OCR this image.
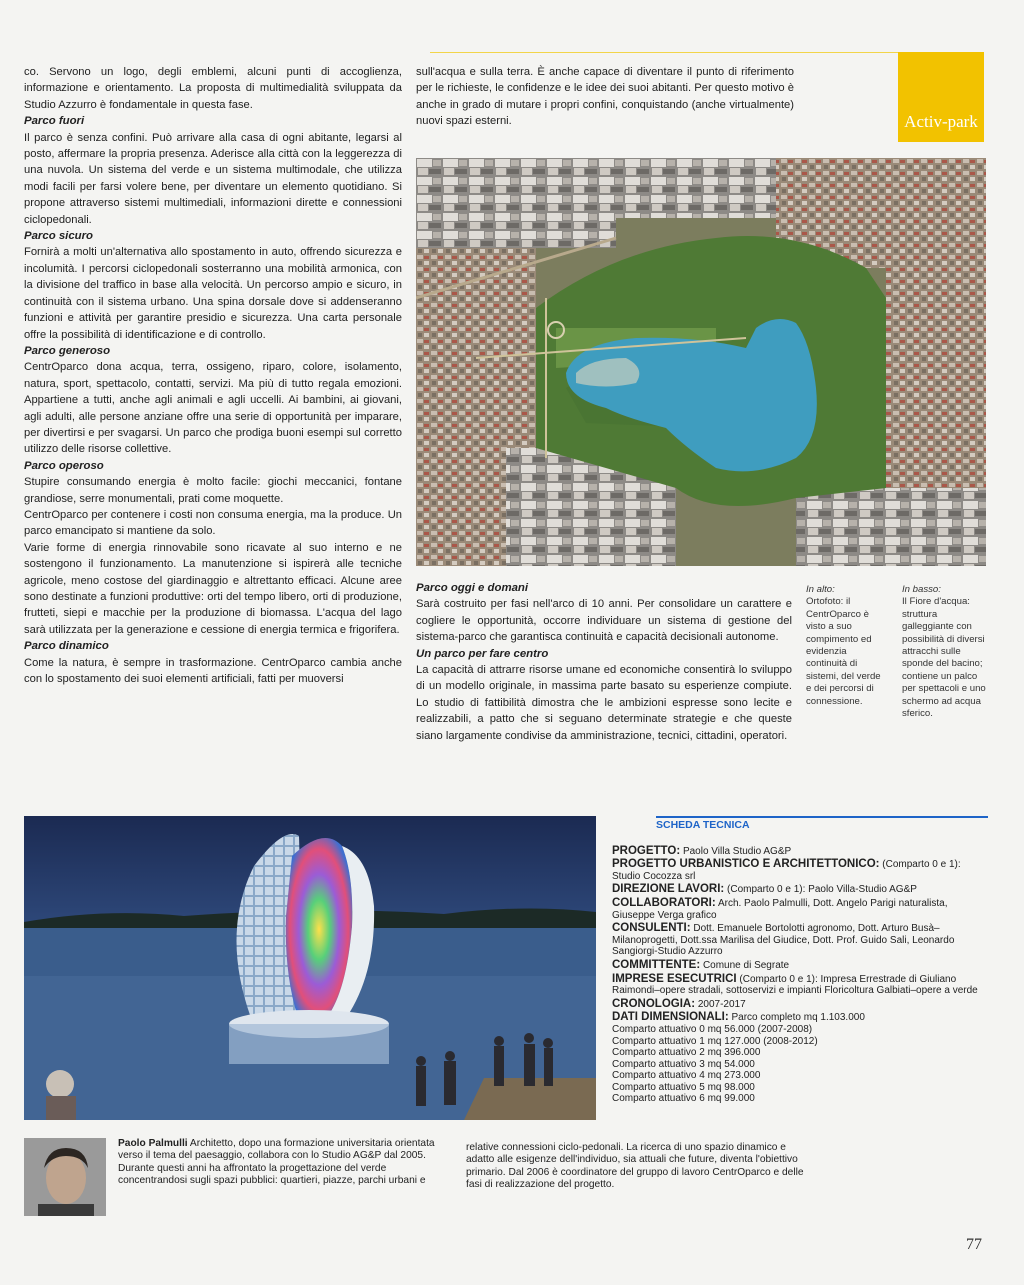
Activ-park

co. Servono un logo, degli emblemi, alcuni punti di accoglienza, informazione e orientamento. La proposta di multimedialità sviluppata da Studio Azzurro è fondamentale in questa fase.

Parco fuori

Il parco è senza confini. Può arrivare alla casa di ogni abitante, legarsi al posto, affermare la propria presenza. Aderisce alla città con la leggerezza di una nuvola. Un sistema del verde e un sistema multimodale, che utilizza modi facili per farsi volere bene, per diventare un elemento quotidiano. Si propone attraverso sistemi multimediali, informazioni dirette e connessioni ciclopedonali.

Parco sicuro

Fornirà a molti un'alternativa allo spostamento in auto, offrendo sicurezza e incolumità. I percorsi ciclopedonali sosterranno una mobilità armonica, con la divisione del traffico in base alla velocità. Un percorso ampio e sicuro, in continuità con il sistema urbano. Una spina dorsale dove si addenseranno funzioni e attività per garantire presidio e sicurezza. Una carta personale offre la possibilità di identificazione e di controllo.

Parco generoso

CentrOparco dona acqua, terra, ossigeno, riparo, colore, isolamento, natura, sport, spettacolo, contatti, servizi. Ma più di tutto regala emozioni. Appartiene a tutti, anche agli animali e agli uccelli. Ai bambini, ai giovani, agli adulti, alle persone anziane offre una serie di opportunità per imparare, per divertirsi e per svagarsi. Un parco che prodiga buoni esempi sul corretto utilizzo delle risorse collettive.

Parco operoso

Stupire consumando energia è molto facile: giochi meccanici, fontane grandiose, serre monumentali, prati come moquette.

CentrOparco per contenere i costi non consuma energia, ma la produce. Un parco emancipato si mantiene da solo.

Varie forme di energia rinnovabile sono ricavate al suo interno e ne sostengono il funzionamento. La manutenzione si ispirerà alle tecniche agricole, meno costose del giardinaggio e altrettanto efficaci. Alcune aree sono destinate a funzioni produttive: orti del tempo libero, orti di produzione, frutteti, siepi e macchie per la produzione di biomassa. L'acqua del lago sarà utilizzata per la generazione e cessione di energia termica e frigorifera.

Parco dinamico

Come la natura, è sempre in trasformazione. CentrOparco cambia anche con lo spostamento dei suoi elementi artificiali, fatti per muoversi

sull'acqua e sulla terra. È anche capace di diventare il punto di riferimento per le richieste, le confidenze e le idee dei suoi abitanti. Per questo motivo è anche in grado di mutare i propri confini, conquistando (anche virtualmente) nuovi spazi esterni.

In alto:
Ortofoto: il CentrOparco è visto a suo compimento ed evidenzia continuità di sistemi, del verde e dei percorsi di connessione.
In basso:
Il Fiore d'acqua: struttura galleggiante con possibilità di diversi attracchi sulle sponde del bacino; contiene un palco per spettacoli e uno schermo ad acqua sferico.
Parco oggi e domani

Sarà costruito per fasi nell'arco di 10 anni. Per consolidare un carattere e cogliere le opportunità, occorre individuare un sistema di gestione del sistema-parco che garantisca continuità e capacità decisionali autonome.

Un parco per fare centro

La capacità di attrarre risorse umane ed economiche consentirà lo sviluppo di un modello originale, in massima parte basato su esperienze compiute. Lo studio di fattibilità dimostra che le ambizioni espresse sono lecite e realizzabili, a patto che si seguano determinate strategie e che queste siano largamente condivise da amministrazione, tecnici, cittadini, operatori.

SCHEDA TECNICA
PROGETTO: Paolo Villa Studio AG&P
PROGETTO URBANISTICO E ARCHITETTONICO: (Comparto 0 e 1): Studio Cocozza srl
DIREZIONE LAVORI: (Comparto 0 e 1): Paolo Villa-Studio AG&P
COLLABORATORI: Arch. Paolo Palmulli, Dott. Angelo Parigi naturalista, Giuseppe Verga grafico
CONSULENTI: Dott. Emanuele Bortolotti agronomo, Dott. Arturo Busà–Milanoprogetti, Dott.ssa Marilisa del Giudice, Dott. Prof. Guido Sali, Leonardo Sangiorgi-Studio Azzurro
COMMITTENTE: Comune di Segrate
IMPRESE ESECUTRICI (Comparto 0 e 1): Impresa Errestrade di Giuliano Raimondi–opere stradali, sottoservizi e impianti Floricoltura Galbiati–opere a verde
CRONOLOGIA: 2007-2017
DATI DIMENSIONALI: Parco completo mq 1.103.000
Comparto attuativo 0 mq 56.000 (2007-2008)
Comparto attuativo 1 mq 127.000 (2008-2012)
Comparto attuativo 2 mq 396.000
Comparto attuativo 3 mq 54.000
Comparto attuativo 4 mq 273.000
Comparto attuativo 5 mq 98.000
Comparto attuativo 6 mq 99.000
Paolo Palmulli Architetto, dopo una formazione universitaria orientata verso il tema del paesaggio, collabora con lo Studio AG&P dal 2005. Durante questi anni ha affrontato la progettazione del verde concentrandosi sugli spazi pubblici: quartieri, piazze, parchi urbani e
relative connessioni ciclo-pedonali. La ricerca di uno spazio dinamico e adatto alle esigenze dell'individuo, sia attuali che future, diventa l'obiettivo primario. Dal 2006 è coordinatore del gruppo di lavoro CentrOparco e delle fasi di realizzazione del progetto.
77
